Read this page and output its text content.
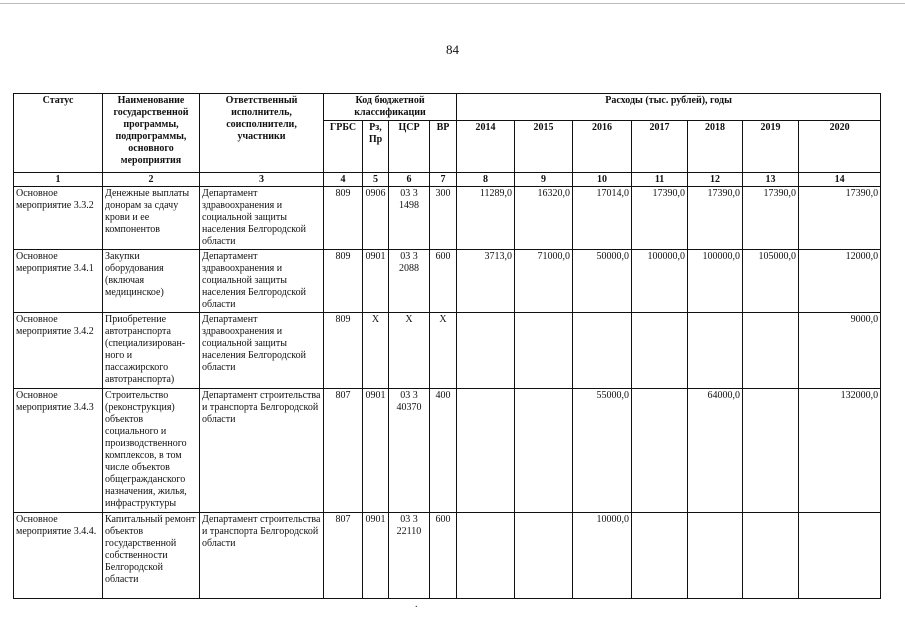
84
Статус	Наименование государственной программы, подпрограммы, основного мероприятия	Ответственный исполнитель, соисполнители, участники	Код бюджетной классификации				Расходы (тыс. рублей), годы						
			ГРБС	Рз, Пр	ЦСР	ВР	2014	2015	2016	2017	2018	2019	2020
1	2	3	4	5	6	7	8	9	10	11	12	13	14
Основное мероприятие 3.3.2	Денежные выплаты донорам за сдачу крови и ее компонентов	Департамент здравоохранения и социальной защиты населения Белгородской области	809	0906	03 3 1498	300	11289,0	16320,0	17014,0	17390,0	17390,0	17390,0	17390,0
Основное мероприятие 3.4.1	Закупки оборудования (включая медицинское)	Департамент здравоохранения и социальной защиты населения Белгородской области	809	0901	03 3 2088	600	3713,0	71000,0	50000,0	100000,0	100000,0	105000,0	12000,0
Основное мероприятие 3.4.2	Приобретение автотранспорта (специализирован-ного и пассажирского автотранспорта)	Департамент здравоохранения и социальной защиты населения Белгородской области	809	Х	Х	Х							9000,0
Основное мероприятие 3.4.3	Строительство (реконструкция) объектов социального и производственного комплексов, в том числе объектов общегражданского назначения, жилья, инфраструктуры	Департамент строительства и транспорта Белгородской области	807	0901	03 3 40370	400			55000,0		64000,0		132000,0
Основное мероприятие 3.4.4.	Капитальный ремонт объектов государственной собственности Белгородской области	Департамент строительства и транспорта Белгородской области	807	0901	03 3 22110	600			10000,0				
.
